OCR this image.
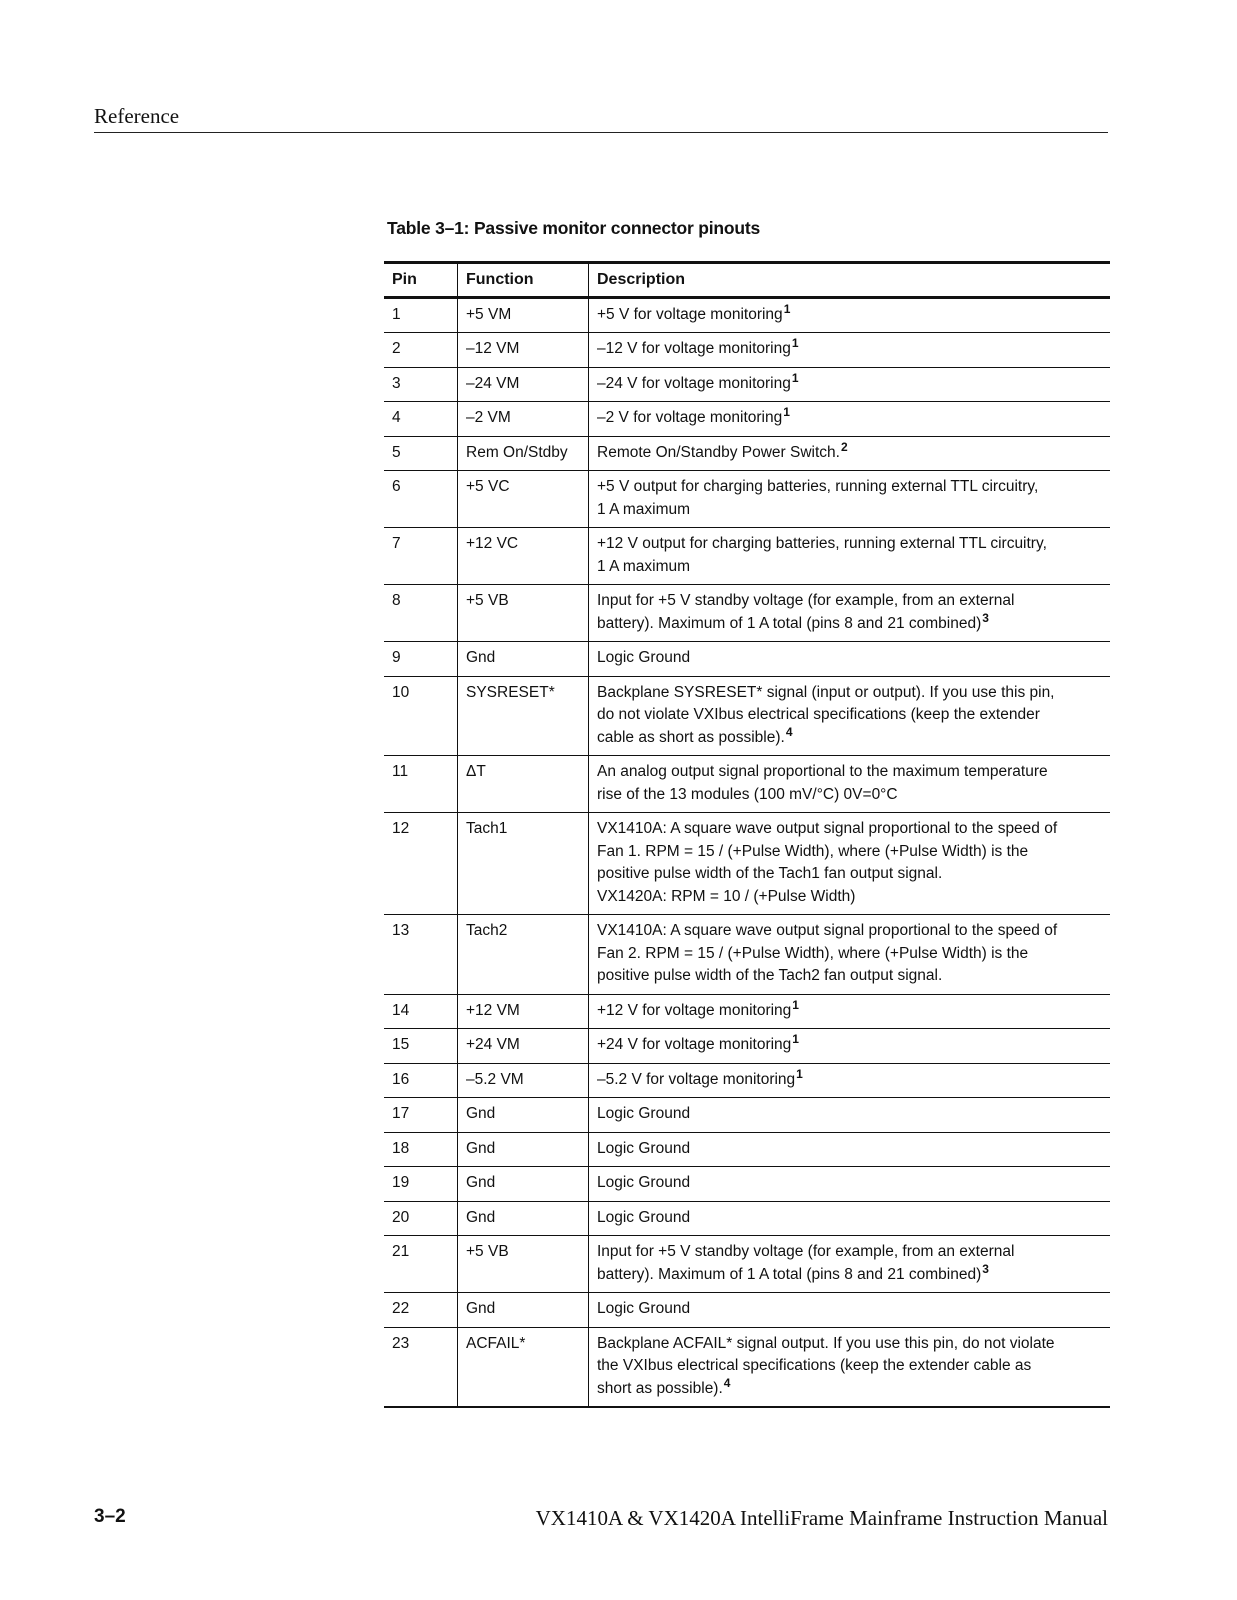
Reference
Table 3–1: Passive monitor connector pinouts
Pin	Function	Description
1	+5 VM	+5 V for voltage monitoring$^1$

2	–12 VM	–12 V for voltage monitoring$^1$

3	–24 VM	–24 V for voltage monitoring$^1$

4	–2 VM	–2 V for voltage monitoring$^1$

5	Rem On/Stdby	Remote On/Standby Power Switch.$^2$

6	+5 VC	+5 V output for charging batteries, running external TTL circuitry,
1 A maximum

7	+12 VC	+12 V output for charging batteries, running external TTL circuitry,
1 A maximum

8	+5 VB	Input for +5 V standby voltage (for example, from an external
battery). Maximum of 1 A total (pins 8 and 21 combined)$^3$

9	Gnd	Logic Ground

10	SYSRESET*	Backplane SYSRESET* signal (input or output). If you use this pin,
do not violate VXIbus electrical specifications (keep the extender
cable as short as possible).$^4$

11	ΔT	An analog output signal proportional to the maximum temperature
rise of the 13 modules (100 mV/°C) 0V=0°C

12	Tach1	VX1410A: A square wave output signal proportional to the speed of
Fan 1. RPM = 15 / (+Pulse Width), where (+Pulse Width) is the
positive pulse width of the Tach1 fan output signal.
VX1420A: RPM = 10 / (+Pulse Width)

13	Tach2	VX1410A: A square wave output signal proportional to the speed of
Fan 2. RPM = 15 / (+Pulse Width), where (+Pulse Width) is the
positive pulse width of the Tach2 fan output signal.

14	+12 VM	+12 V for voltage monitoring$^1$

15	+24 VM	+24 V for voltage monitoring$^1$

16	–5.2 VM	–5.2 V for voltage monitoring$^1$

17	Gnd	Logic Ground

18	Gnd	Logic Ground

19	Gnd	Logic Ground

20	Gnd	Logic Ground

21	+5 VB	Input for +5 V standby voltage (for example, from an external
battery). Maximum of 1 A total (pins 8 and 21 combined)$^3$

22	Gnd	Logic Ground

23	ACFAIL*	Backplane ACFAIL* signal output. If you use this pin, do not violate
the VXIbus electrical specifications (keep the extender cable as
short as possible).$^4$
3–2	VX1410A & VX1420A IntelliFrame Mainframe Instruction Manual
